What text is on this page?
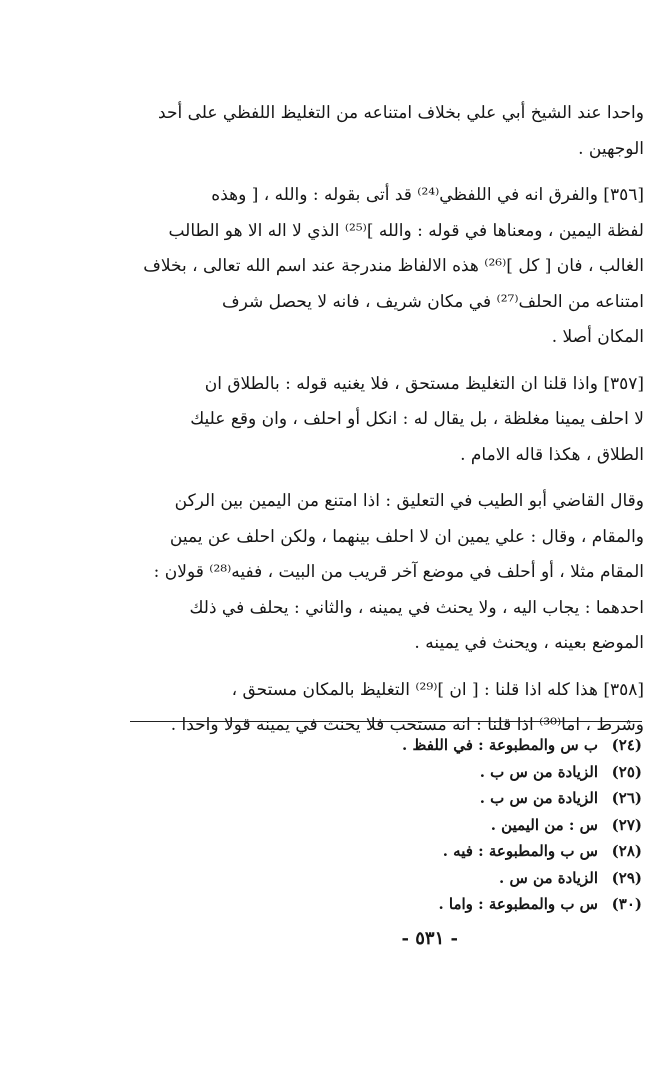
واحدا عند الشيخ أبي علي بخلاف امتناعه من التغليظ اللفظي على أحد
الوجهين .

[٣٥٦] والفرق انه في اللفظي⁽²⁴⁾ قد أتى بقوله : والله ، [ وهذه
لفظة اليمين ، ومعناها في قوله : والله ]⁽²⁵⁾ الذي لا اله الا هو الطالب
الغالب ، فان [ كل ]⁽²⁶⁾ هذه الالفاظ مندرجة عند اسم الله تعالى ، بخلاف
امتناعه من الحلف⁽²⁷⁾ في مكان شريف ، فانه لا يحصل شرف
المكان أصلا .

[٣٥٧] واذا قلنا ان التغليظ مستحق ، فلا يغنيه قوله : بالطلاق ان
لا احلف يمينا مغلظة ، بل يقال له : انكل أو احلف ، وان وقع عليك
الطلاق ، هكذا قاله الامام .

وقال القاضي أبو الطيب في التعليق : اذا امتنع من اليمين بين الركن
والمقام ، وقال : علي يمين ان لا احلف بينهما ، ولكن احلف عن يمين
المقام مثلا ، أو أحلف في موضع آخر قريب من البيت ، ففيه⁽²⁸⁾ قولان :
احدهما : يجاب اليه ، ولا يحنث في يمينه ، والثاني : يحلف في ذلك
الموضع بعينه ، ويحنث في يمينه .

[٣٥٨] هذا كله اذا قلنا : [ ان ]⁽²⁹⁾ التغليظ بالمكان مستحق ،
وشرط ، اما⁽³⁰⁾ اذا قلنا : انه مستحب فلا يحنث في يمينه قولا واحدا .

(٢٤)
ب س والمطبوعة : في اللفظ .
(٢٥)
الزيادة من س ب .
(٢٦)
الزيادة من س ب .
(٢٧)
س : من اليمين .
(٢٨)
س ب والمطبوعة : فيه .
(٢٩)
الزيادة من س .
(٣٠)
س ب والمطبوعة : واما .
- ٥٣١ -
